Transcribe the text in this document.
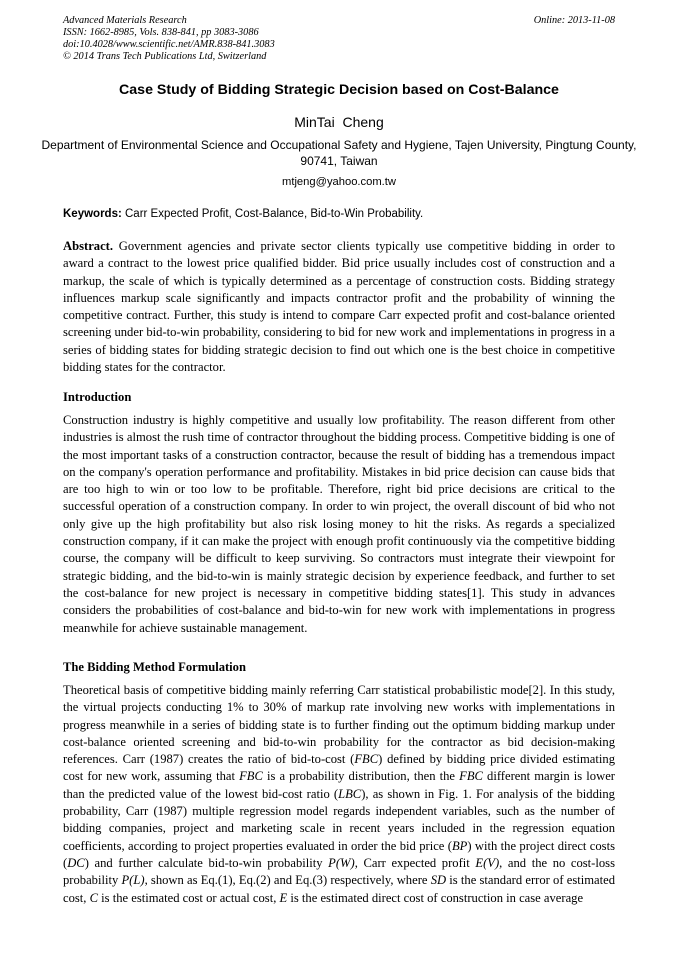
Advanced Materials Research
ISSN: 1662-8985, Vols. 838-841, pp 3083-3086
doi:10.4028/www.scientific.net/AMR.838-841.3083
© 2014 Trans Tech Publications Ltd, Switzerland
Online: 2013-11-08
Case Study of Bidding Strategic Decision based on Cost-Balance
MinTai  Cheng
Department of Environmental Science and Occupational Safety and Hygiene, Tajen University, Pingtung County, 90741, Taiwan
mtjeng@yahoo.com.tw
Keywords: Carr Expected Profit, Cost-Balance, Bid-to-Win Probability.
Abstract. Government agencies and private sector clients typically use competitive bidding in order to award a contract to the lowest price qualified bidder. Bid price usually includes cost of construction and a markup, the scale of which is typically determined as a percentage of construction costs. Bidding strategy influences markup scale significantly and impacts contractor profit and the probability of winning the competitive contract. Further, this study is intend to compare Carr expected profit and cost-balance oriented screening under bid-to-win probability, considering to bid for new work and implementations in progress in a series of bidding states for bidding strategic decision to find out which one is the best choice in competitive bidding states for the contractor.
Introduction
Construction industry is highly competitive and usually low profitability. The reason different from other industries is almost the rush time of contractor throughout the bidding process. Competitive bidding is one of the most important tasks of a construction contractor, because the result of bidding has a tremendous impact on the company's operation performance and profitability. Mistakes in bid price decision can cause bids that are too high to win or too low to be profitable. Therefore, right bid price decisions are critical to the successful operation of a construction company. In order to win project, the overall discount of bid who not only give up the high profitability but also risk losing money to hit the risks. As regards a specialized construction company, if it can make the project with enough profit continuously via the competitive bidding course, the company will be difficult to keep surviving. So contractors must integrate their viewpoint for strategic bidding, and the bid-to-win is mainly strategic decision by experience feedback, and further to set the cost-balance for new project is necessary in competitive bidding states[1]. This study in advances considers the probabilities of cost-balance and bid-to-win for new work with implementations in progress meanwhile for achieve sustainable management.
The Bidding Method Formulation
Theoretical basis of competitive bidding mainly referring Carr statistical probabilistic mode[2]. In this study, the virtual projects conducting 1% to 30% of markup rate involving new works with implementations in progress meanwhile in a series of bidding state is to further finding out the optimum bidding markup under cost-balance oriented screening and bid-to-win probability for the contractor as bid decision-making references. Carr (1987) creates the ratio of bid-to-cost (FBC) defined by bidding price divided estimating cost for new work, assuming that FBC is a probability distribution, then the FBC different margin is lower than the predicted value of the lowest bid-cost ratio (LBC), as shown in Fig. 1. For analysis of the bidding probability, Carr (1987) multiple regression model regards independent variables, such as the number of bidding companies, project and marketing scale in recent years included in the regression equation coefficients, according to project properties evaluated in order the bid price (BP) with the project direct costs (DC) and further calculate bid-to-win probability P(W), Carr expected profit E(V), and the no cost-loss probability P(L), shown as Eq.(1), Eq.(2) and Eq.(3) respectively, where SD is the standard error of estimated cost, C is the estimated cost or actual cost, E is the estimated direct cost of construction in case average
